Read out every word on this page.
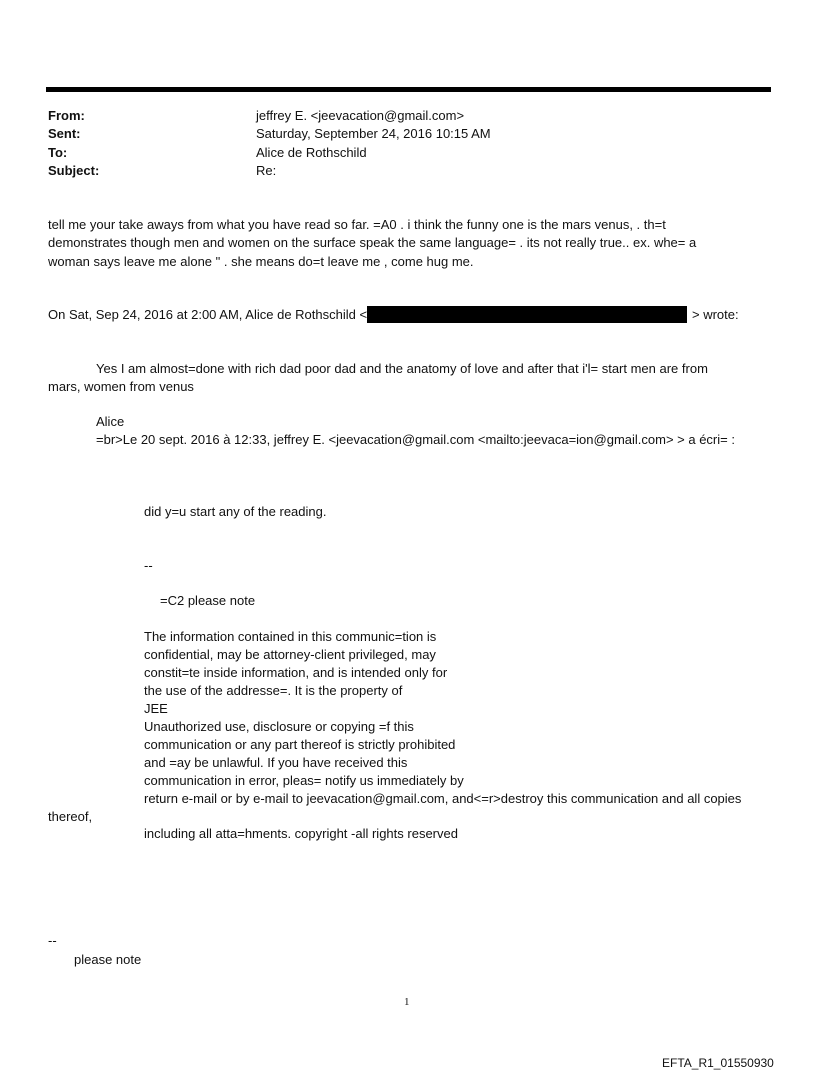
From:	jeffrey E. <jeevacation@gmail.com>
Sent:	Saturday, September 24, 2016 10:15 AM
To:	Alice de Rothschild
Subject:	Re:
tell me your take aways from what you have read so far. =A0 . i think the funny one is the mars venus, . th=t
demonstrates though men and women on the surface speak the same language= . its not really true.. ex. whe= a
woman says leave me alone " . she means do=t leave me , come hug me.
On Sat, Sep 24, 2016 at 2:00 AM, Alice de Rothschild <	> wrote:
Yes I am almost=done with rich dad poor dad and the anatomy of love and after that i'l= start men are from
mars, women from venus
Alice
=br>Le 20 sept. 2016 à 12:33, jeffrey E. <jeevacation@gmail.com <mailto:jeevaca=ion@gmail.com> > a écri= :
did y=u start any of the reading.
--
=C2 please note
The information contained in this communic=tion is
confidential, may be attorney-client privileged, may
constit=te inside information, and is intended only for
the use of the addresse=. It is the property of
JEE
Unauthorized use, disclosure or copying =f this
communication or any part thereof is strictly prohibited
and =ay be unlawful. If you have received this
communication in error, pleas= notify us immediately by
return e-mail or by e-mail to jeevacation@gmail.com, and<=r>destroy this communication and all copies
thereof,
including all atta=hments. copyright -all rights reserved
--
please note
1
EFTA_R1_01550930
